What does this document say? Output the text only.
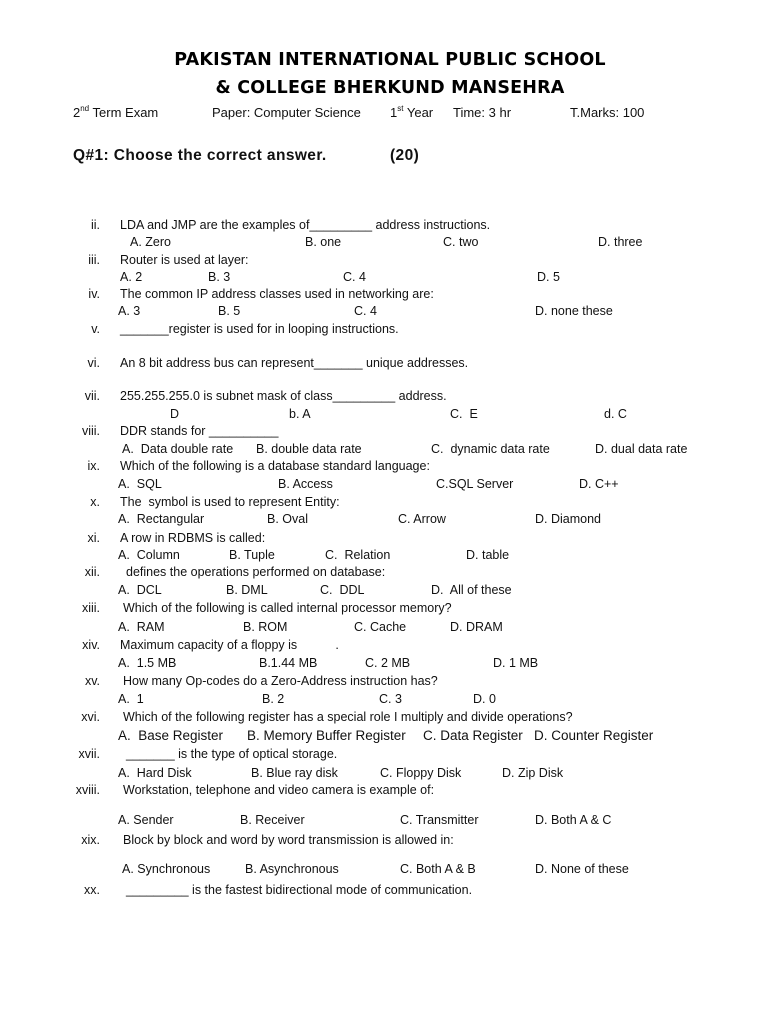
PAKISTAN INTERNATIONAL PUBLIC SCHOOL
& COLLEGE BHERKUND MANSEHRA
2nd Term Exam	Paper: Computer Science 1st Year Time: 3 hr	T.Marks: 100
Q#1: Choose the correct answer.	(20)
ii. LDA and JMP are the examples of_________ address instructions.
A. Zero	B. one	C. two	D. three
iii. Router is used at layer:
A. 2	B. 3	C. 4	D. 5
iv. The common IP address classes used in networking are:
A. 3	B. 5	C. 4	D. none these
v. _______register is used for in looping instructions.
vi. An 8 bit address bus can represent_______ unique addresses.
vii. 255.255.255.0 is subnet mask of class_________ address.
D	b. A	C.  E	d. C
viii. DDR stands for __________
A.  Data double rate B. double data rate	C.  dynamic data rate	D. dual data rate
ix. Which of the following is a database standard language:
A.  SQL	B. Access	C.SQL Server	D. C++
x. The  symbol is used to represent Entity:
A.  Rectangular	B. Oval	C. Arrow	D. Diamond
xi. A row in RDBMS is called:
A.  Column	B. Tuple	C.  Relation	D. table
xii. defines the operations performed on database:
A.  DCL	B. DML	C.  DDL	D.  All of these
xiii. Which of the following is called internal processor memory?
A.  RAM	B. ROM	C. Cache	D. DRAM
xiv. Maximum capacity of a floppy is           .
A.  1.5 MB	B.1.44 MB	C. 2 MB	D. 1 MB
xv. How many Op-codes do a Zero-Address instruction has?
A.  1	B. 2	C. 3	D. 0
xvi. Which of the following register has a special role I multiply and divide operations?
A.  Base Register B. Memory Buffer Register C. Data Register D. Counter Register
xvii. _______ is the type of optical storage.
A.  Hard Disk	B. Blue ray disk	C. Floppy Disk	D. Zip Disk
xviii. Workstation, telephone and video camera is example of:
A. Sender	B. Receiver	C. Transmitter	D. Both A & C
xix. Block by block and word by word transmission is allowed in:
A. Synchronous	B. Asynchronous	C. Both A & B	D. None of these
xx. _________ is the fastest bidirectional mode of communication.
